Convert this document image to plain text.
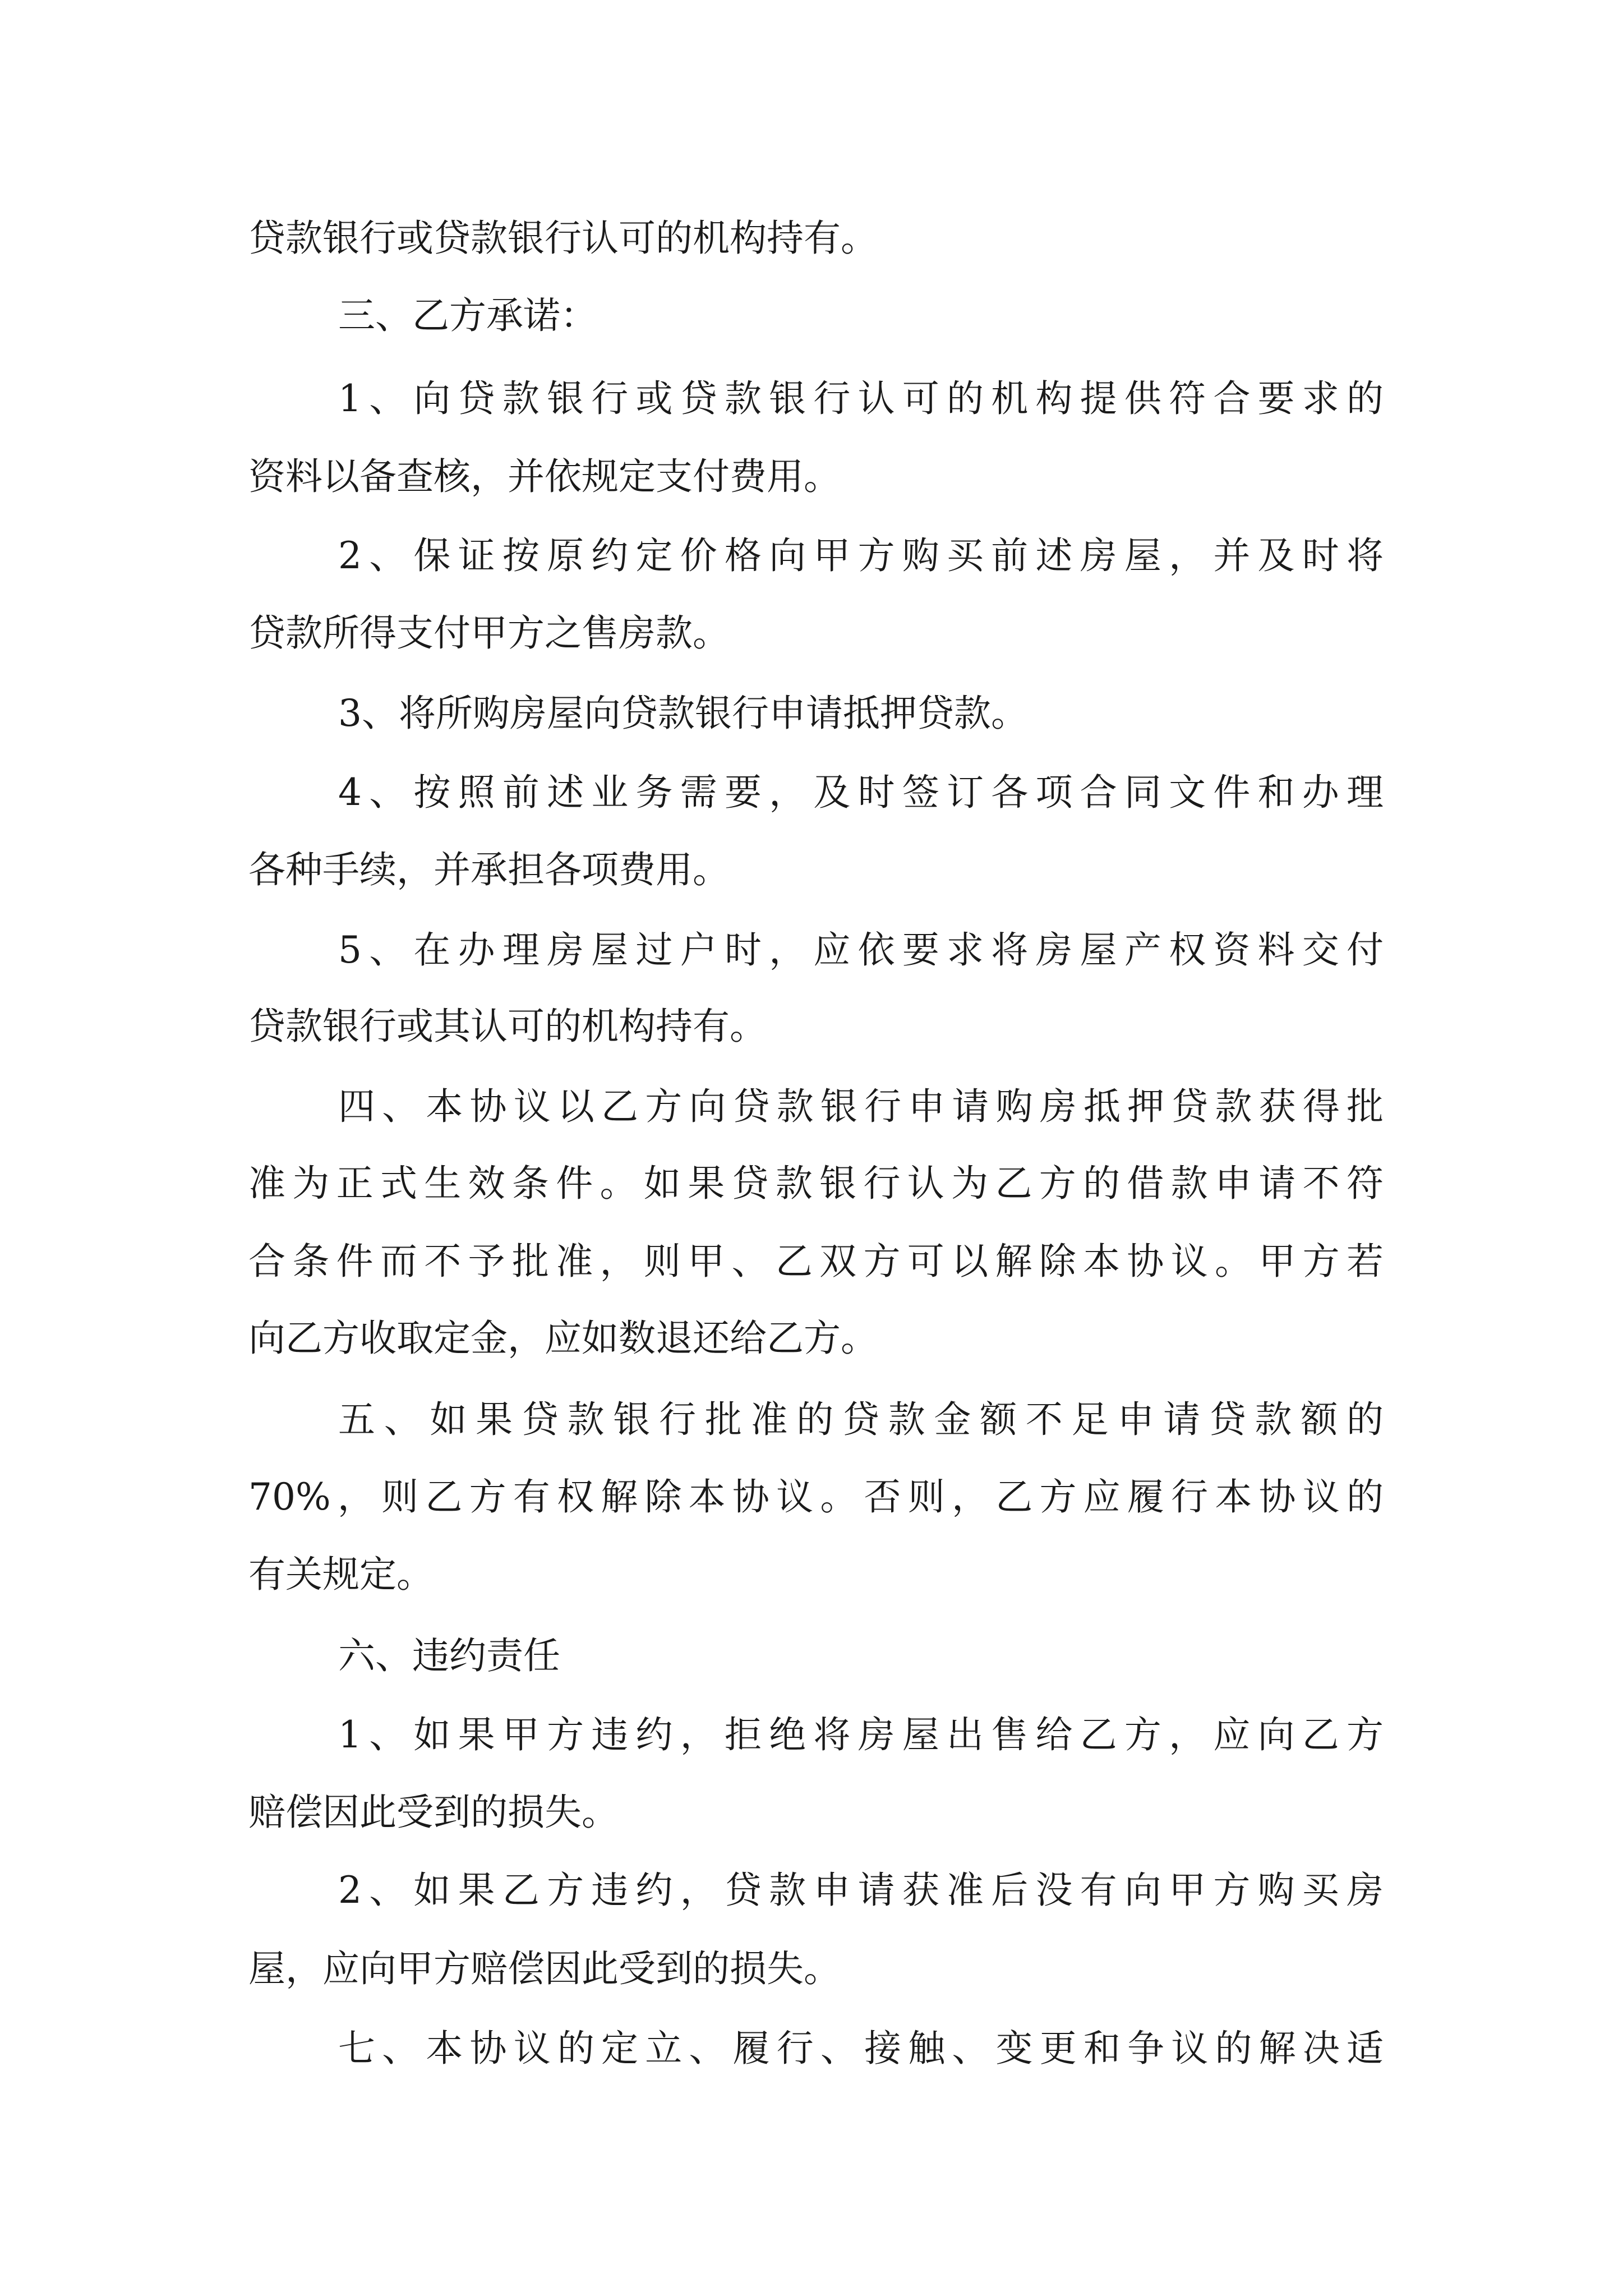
贷款银行或贷款银行认可的机构持有。
三、乙方承诺：
1、向贷款银行或贷款银行认可的机构提供符合要求的
资料以备查核，并依规定支付费用。
2、保证按原约定价格向甲方购买前述房屋，并及时将
贷款所得支付甲方之售房款。
3、将所购房屋向贷款银行申请抵押贷款。
4、按照前述业务需要，及时签订各项合同文件和办理
各种手续，并承担各项费用。
5、在办理房屋过户时，应依要求将房屋产权资料交付
贷款银行或其认可的机构持有。
四、本协议以乙方向贷款银行申请购房抵押贷款获得批
准为正式生效条件。如果贷款银行认为乙方的借款申请不符
合条件而不予批准，则甲、乙双方可以解除本协议。甲方若
向乙方收取定金，应如数退还给乙方。
五、如果贷款银行批准的贷款金额不足申请贷款额的
70%，则乙方有权解除本协议。否则，乙方应履行本协议的
有关规定。
六、违约责任
1、如果甲方违约，拒绝将房屋出售给乙方，应向乙方
赔偿因此受到的损失。
2、如果乙方违约，贷款申请获准后没有向甲方购买房
屋，应向甲方赔偿因此受到的损失。
七、本协议的定立、履行、接触、变更和争议的解决适
